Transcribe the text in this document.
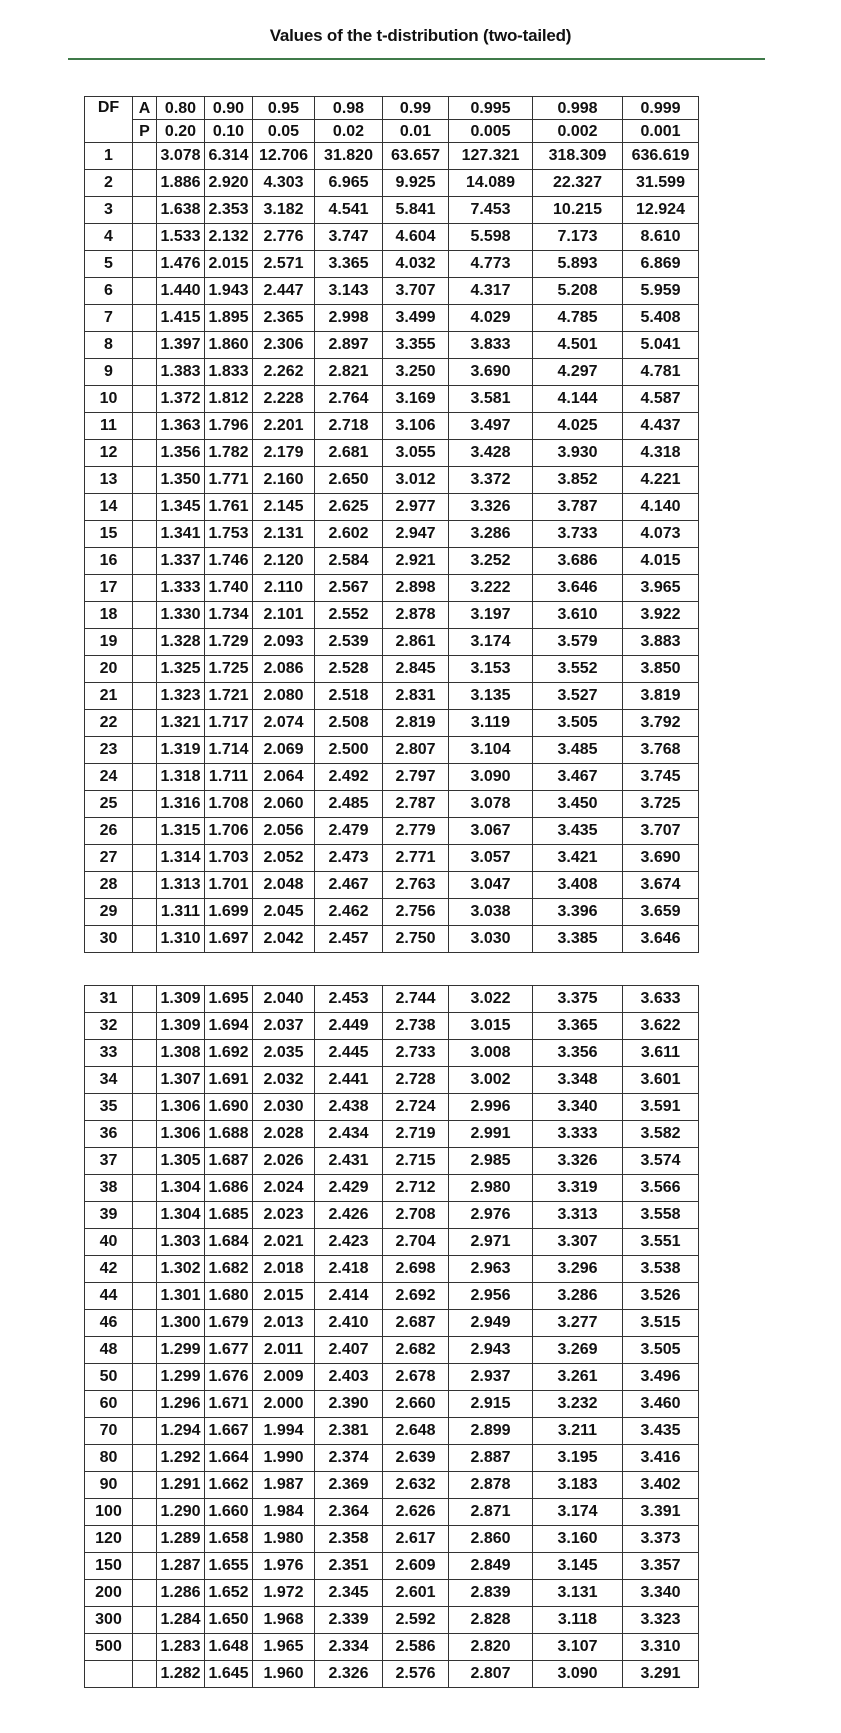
Values of the t-distribution (two-tailed)
DF	A	0.80	0.90	0.95	0.98	0.99	0.995	0.998	0.999
	P	0.20	0.10	0.05	0.02	0.01	0.005	0.002	0.001
1		3.078	6.314	12.706	31.820	63.657	127.321	318.309	636.619
2		1.886	2.920	4.303	6.965	9.925	14.089	22.327	31.599
3		1.638	2.353	3.182	4.541	5.841	7.453	10.215	12.924
4		1.533	2.132	2.776	3.747	4.604	5.598	7.173	8.610
5		1.476	2.015	2.571	3.365	4.032	4.773	5.893	6.869
6		1.440	1.943	2.447	3.143	3.707	4.317	5.208	5.959
7		1.415	1.895	2.365	2.998	3.499	4.029	4.785	5.408
8		1.397	1.860	2.306	2.897	3.355	3.833	4.501	5.041
9		1.383	1.833	2.262	2.821	3.250	3.690	4.297	4.781
10		1.372	1.812	2.228	2.764	3.169	3.581	4.144	4.587
11		1.363	1.796	2.201	2.718	3.106	3.497	4.025	4.437
12		1.356	1.782	2.179	2.681	3.055	3.428	3.930	4.318
13		1.350	1.771	2.160	2.650	3.012	3.372	3.852	4.221
14		1.345	1.761	2.145	2.625	2.977	3.326	3.787	4.140
15		1.341	1.753	2.131	2.602	2.947	3.286	3.733	4.073
16		1.337	1.746	2.120	2.584	2.921	3.252	3.686	4.015
17		1.333	1.740	2.110	2.567	2.898	3.222	3.646	3.965
18		1.330	1.734	2.101	2.552	2.878	3.197	3.610	3.922
19		1.328	1.729	2.093	2.539	2.861	3.174	3.579	3.883
20		1.325	1.725	2.086	2.528	2.845	3.153	3.552	3.850
21		1.323	1.721	2.080	2.518	2.831	3.135	3.527	3.819
22		1.321	1.717	2.074	2.508	2.819	3.119	3.505	3.792
23		1.319	1.714	2.069	2.500	2.807	3.104	3.485	3.768
24		1.318	1.711	2.064	2.492	2.797	3.090	3.467	3.745
25		1.316	1.708	2.060	2.485	2.787	3.078	3.450	3.725
26		1.315	1.706	2.056	2.479	2.779	3.067	3.435	3.707
27		1.314	1.703	2.052	2.473	2.771	3.057	3.421	3.690
28		1.313	1.701	2.048	2.467	2.763	3.047	3.408	3.674
29		1.311	1.699	2.045	2.462	2.756	3.038	3.396	3.659
30		1.310	1.697	2.042	2.457	2.750	3.030	3.385	3.646
31		1.309	1.695	2.040	2.453	2.744	3.022	3.375	3.633
32		1.309	1.694	2.037	2.449	2.738	3.015	3.365	3.622
33		1.308	1.692	2.035	2.445	2.733	3.008	3.356	3.611
34		1.307	1.691	2.032	2.441	2.728	3.002	3.348	3.601
35		1.306	1.690	2.030	2.438	2.724	2.996	3.340	3.591
36		1.306	1.688	2.028	2.434	2.719	2.991	3.333	3.582
37		1.305	1.687	2.026	2.431	2.715	2.985	3.326	3.574
38		1.304	1.686	2.024	2.429	2.712	2.980	3.319	3.566
39		1.304	1.685	2.023	2.426	2.708	2.976	3.313	3.558
40		1.303	1.684	2.021	2.423	2.704	2.971	3.307	3.551
42		1.302	1.682	2.018	2.418	2.698	2.963	3.296	3.538
44		1.301	1.680	2.015	2.414	2.692	2.956	3.286	3.526
46		1.300	1.679	2.013	2.410	2.687	2.949	3.277	3.515
48		1.299	1.677	2.011	2.407	2.682	2.943	3.269	3.505
50		1.299	1.676	2.009	2.403	2.678	2.937	3.261	3.496
60		1.296	1.671	2.000	2.390	2.660	2.915	3.232	3.460
70		1.294	1.667	1.994	2.381	2.648	2.899	3.211	3.435
80		1.292	1.664	1.990	2.374	2.639	2.887	3.195	3.416
90		1.291	1.662	1.987	2.369	2.632	2.878	3.183	3.402
100		1.290	1.660	1.984	2.364	2.626	2.871	3.174	3.391
120		1.289	1.658	1.980	2.358	2.617	2.860	3.160	3.373
150		1.287	1.655	1.976	2.351	2.609	2.849	3.145	3.357
200		1.286	1.652	1.972	2.345	2.601	2.839	3.131	3.340
300		1.284	1.650	1.968	2.339	2.592	2.828	3.118	3.323
500		1.283	1.648	1.965	2.334	2.586	2.820	3.107	3.310
		1.282	1.645	1.960	2.326	2.576	2.807	3.090	3.291
